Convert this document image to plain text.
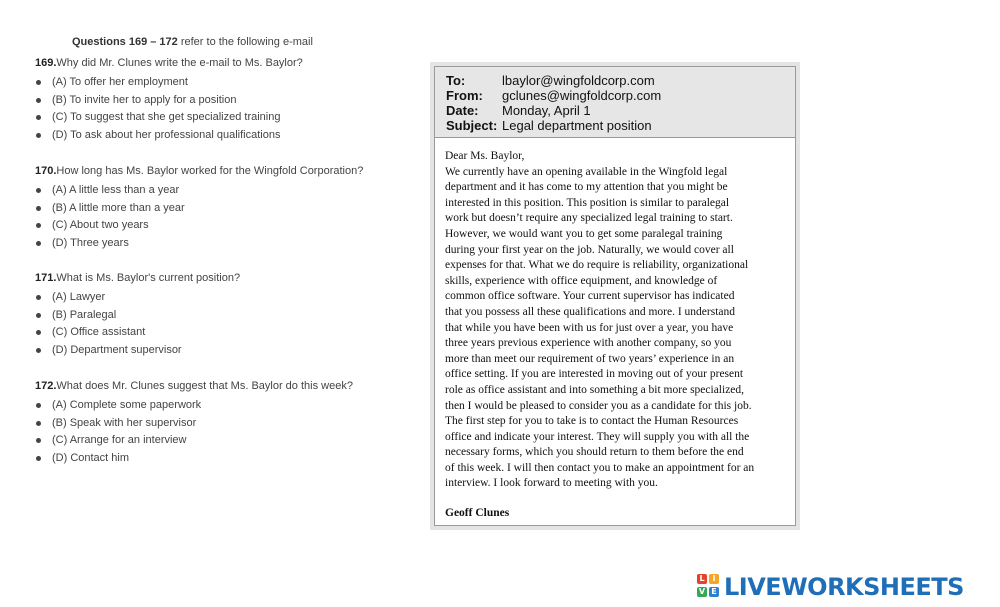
Questions 169 – 172 refer to the following e-mail

169.Why did Mr. Clunes write the e-mail to Ms. Baylor?

(A) To offer her employment
(B) To invite her to apply for a position
(C) To suggest that she get specialized training
(D) To ask about her professional qualifications

170.How long has Ms. Baylor worked for the Wingfold Corporation?

(A) A little less than a year
(B) A little more than a year
(C) About two years
(D) Three years

171.What is Ms. Baylor's current position?

(A) Lawyer
(B) Paralegal
(C) Office assistant
(D) Department supervisor

172.What does Mr. Clunes suggest that Ms. Baylor do this week?

(A) Complete some paperwork
(B) Speak with her supervisor
(C) Arrange for an interview
(D) Contact him
To:	lbaylor@wingfoldcorp.com
From: gclunes@wingfoldcorp.com
Date: Monday, April 1
Subject: Legal department position

Dear Ms. Baylor,

We currently have an opening available in the Wingfold legal
department and it has come to my attention that you might be
interested in this position. This position is similar to paralegal
work but doesn’t require any specialized legal training to start.
However, we would want you to get some paralegal training
during your first year on the job. Naturally, we would cover all
expenses for that. What we do require is reliability, organizational
skills, experience with office equipment, and knowledge of
common office software. Your current supervisor has indicated
that you possess all these qualifications and more. I understand
that while you have been with us for just over a year, you have
three years previous experience with another company, so you
more than meet our requirement of two years’ experience in an
office setting. If you are interested in moving out of your present
role as office assistant and into something a bit more specialized,
then I would be pleased to consider you as a candidate for this job.
The first step for you to take is to contact the Human Resources
office and indicate your interest. They will supply you with all the
necessary forms, which you should return to them before the end
of this week. I will then contact you to make an appointment for an
interview. I look forward to meeting with you.

Geoff Clunes

L I
V E LIVEWORKSHEETS
